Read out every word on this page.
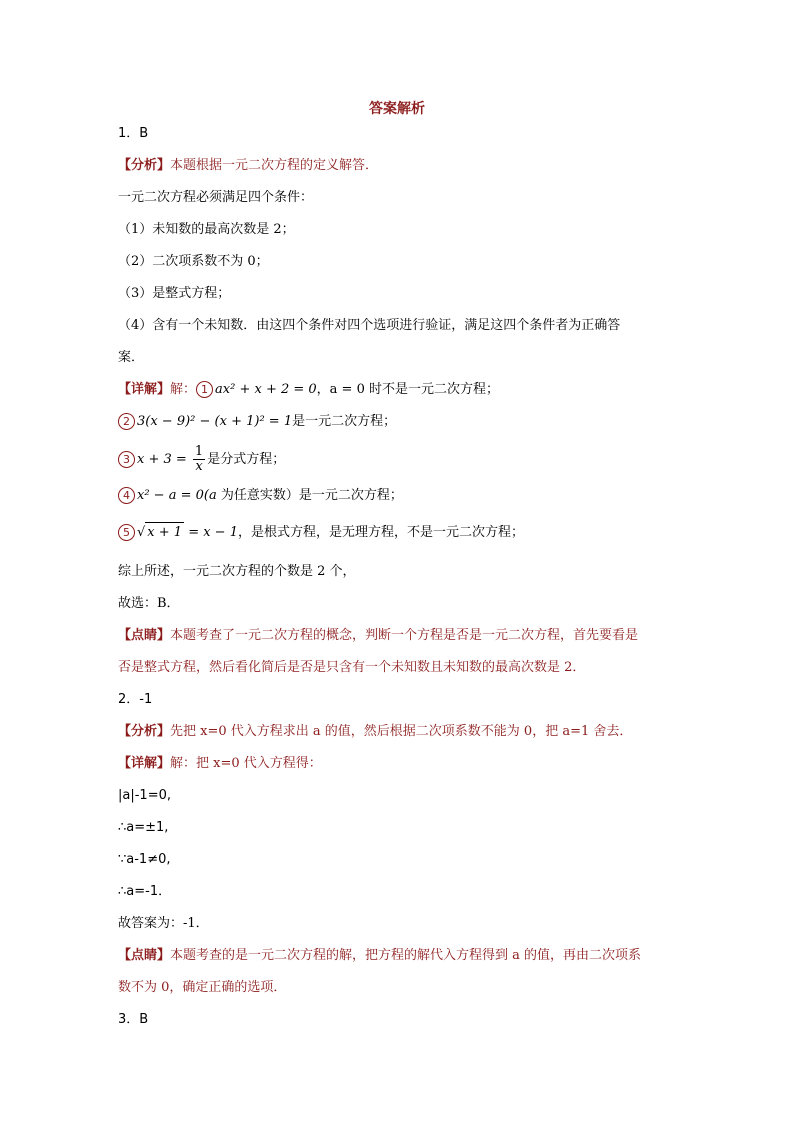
答案解析
1．B
【分析】本题根据一元二次方程的定义解答．
一元二次方程必须满足四个条件：
（1）未知数的最高次数是 2；
（2）二次项系数不为 0；
（3）是整式方程；
（4）含有一个未知数．由这四个条件对四个选项进行验证，满足这四个条件者为正确答
案．
【详解】解： 1 ax² + x + 2 = 0，a = 0 时不是一元二次方程；
2 3(x − 9)² − (x + 1)² = 1是一元二次方程；
3 $x + 3 = \frac{1}{x}$ 是分式方程；
4 x² − a = 0(a 为任意实数）是一元二次方程；
5 √ x + 1 = x − 1，是根式方程，是无理方程，不是一元二次方程；
综上所述，一元二次方程的个数是 2 个，
故选：B．
【点睛】本题考查了一元二次方程的概念，判断一个方程是否是一元二次方程，首先要看是
否是整式方程，然后看化简后是否是只含有一个未知数且未知数的最高次数是 2．
2．-1
【分析】先把 x=0 代入方程求出 a 的值，然后根据二次项系数不能为 0，把 a=1 舍去．
【详解】解：把 x=0 代入方程得：
|a|-1=0,
∴a=±1,
∵a-1≠0,
∴a=-1．
故答案为：-1．
【点睛】本题考查的是一元二次方程的解，把方程的解代入方程得到 a 的值，再由二次项系
数不为 0，确定正确的选项．
3．B
